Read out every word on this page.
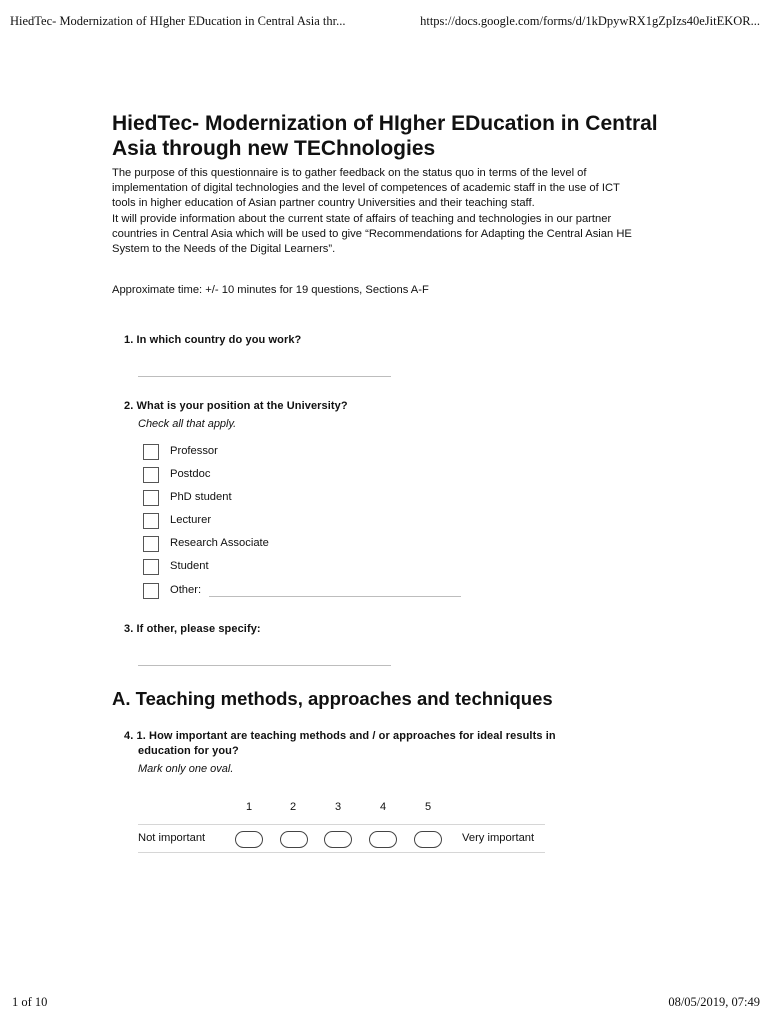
HiedTec- Modernization of HIgher EDucation in Central Asia thr...	https://docs.google.com/forms/d/1kDpywRX1gZpIzs40eJitEKOR...
HiedTec- Modernization of HIgher EDucation in Central Asia through new TEChnologies

The purpose of this questionnaire is to gather feedback on the status quo in terms of the level of implementation of digital technologies and the level of competences of academic staff in the use of ICT tools in higher education of Asian partner country Universities and their teaching staff.

It will provide information about the current state of affairs of teaching and technologies in our partner countries in Central Asia which will be used to give “Recommendations for Adapting the Central Asian HE System to the Needs of the Digital Learners”.

Approximate time: +/- 10 minutes for 19 questions, Sections A-F
1. In which country do you work?
2. What is your position at the University?
Check all that apply.
Professor
Postdoc
PhD student
Lecturer
Research Associate
Student
Other:
3. If other, please specify:
A. Teaching methods, approaches and techniques
4. 1. How important are teaching methods and / or approaches for ideal results in
education for you?
Mark only one oval.
1	2	3	4	5
Not important	Very important
1 of 10	08/05/2019, 07:49
